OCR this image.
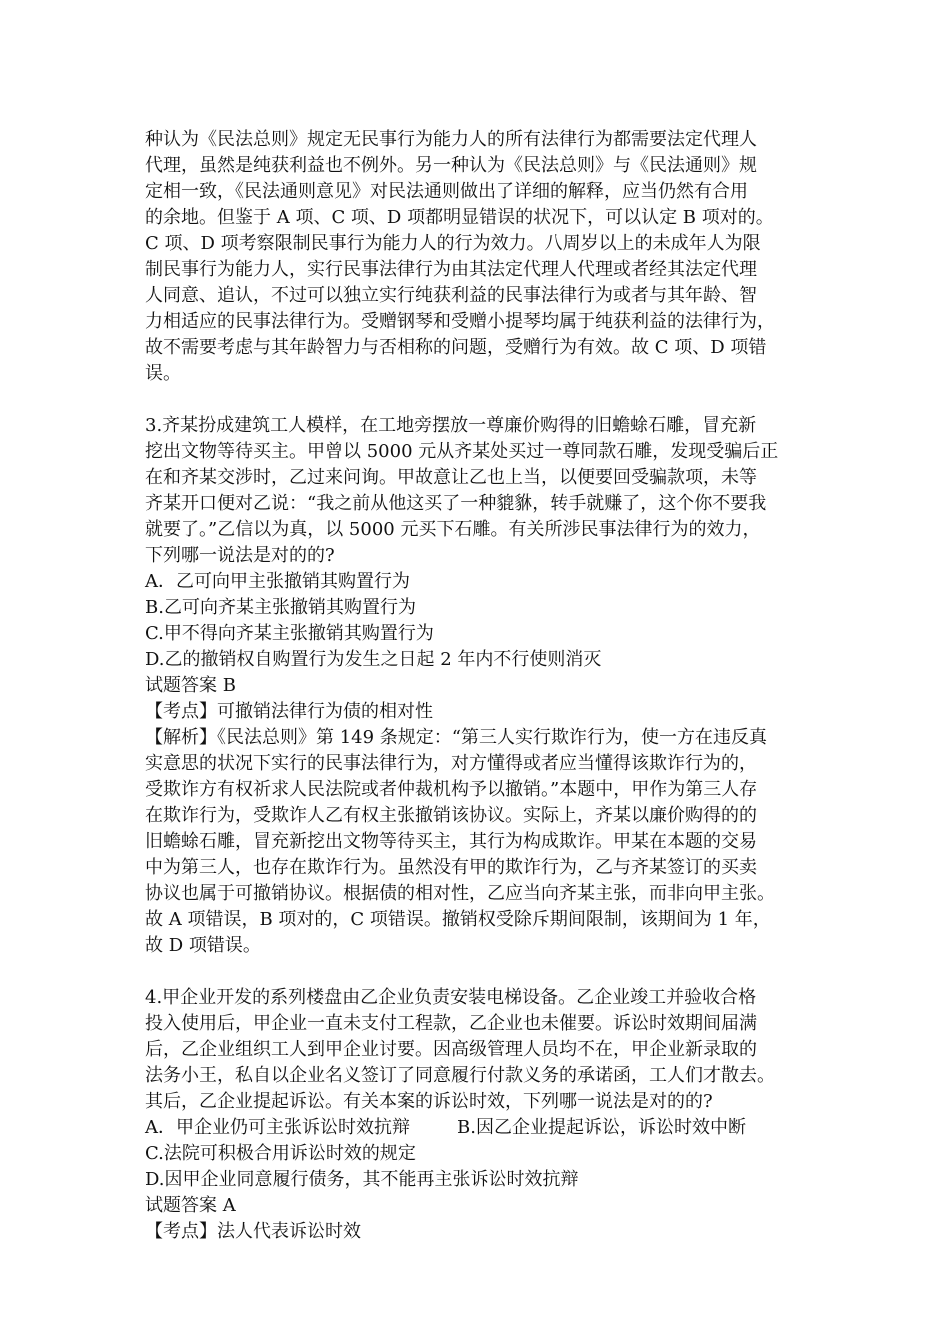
种认为《民法总则》规定无民事行为能力人的所有法律行为都需要法定代理人
代理，虽然是纯获利益也不例外。另一种认为《民法总则》与《民法通则》规
定相一致，《民法通则意见》对民法通则做出了详细的解释，应当仍然有合用
的余地。但鉴于 A 项、C 项、D 项都明显错误的状况下，可以认定 B 项对的。
C 项、D 项考察限制民事行为能力人的行为效力。八周岁以上的未成年人为限
制民事行为能力人，实行民事法律行为由其法定代理人代理或者经其法定代理
人同意、追认，不过可以独立实行纯获利益的民事法律行为或者与其年龄、智
力相适应的民事法律行为。受赠钢琴和受赠小提琴均属于纯获利益的法律行为，
故不需要考虑与其年龄智力与否相称的问题，受赠行为有效。故 C 项、D 项错
误。
3.齐某扮成建筑工人模样，在工地旁摆放一尊廉价购得的旧蟾蜍石雕，冒充新
挖出文物等待买主。甲曾以 5000 元从齐某处买过一尊同款石雕，发现受骗后正
在和齐某交涉时，乙过来问询。甲故意让乙也上当，以便要回受骗款项，未等
齐某开口便对乙说：“我之前从他这买了一种貔貅，转手就赚了，这个你不要我
就要了。”乙信以为真，以 5000 元买下石雕。有关所涉民事法律行为的效力，
下列哪一说法是对的的?
A．乙可向甲主张撤销其购置行为
B.乙可向齐某主张撤销其购置行为
C.甲不得向齐某主张撤销其购置行为
D.乙的撤销权自购置行为发生之日起 2 年内不行使则消灭
试题答案 B
【考点】可撤销法律行为债的相对性
【解析】《民法总则》第 149 条规定：“第三人实行欺诈行为，使一方在违反真
实意思的状况下实行的民事法律行为，对方懂得或者应当懂得该欺诈行为的，
受欺诈方有权祈求人民法院或者仲裁机构予以撤销。”本题中，甲作为第三人存
在欺诈行为，受欺诈人乙有权主张撤销该协议。实际上，齐某以廉价购得的的
旧蟾蜍石雕，冒充新挖出文物等待买主，其行为构成欺诈。甲某在本题的交易
中为第三人，也存在欺诈行为。虽然没有甲的欺诈行为，乙与齐某签订的买卖
协议也属于可撤销协议。根据债的相对性，乙应当向齐某主张，而非向甲主张。
故 A 项错误，B 项对的，C 项错误。撤销权受除斥期间限制，该期间为 1 年，
故 D 项错误。
4.甲企业开发的系列楼盘由乙企业负责安装电梯设备。乙企业竣工并验收合格
投入使用后，甲企业一直未支付工程款，乙企业也未催要。诉讼时效期间届满
后，乙企业组织工人到甲企业讨要。因高级管理人员均不在，甲企业新录取的
法务小王，私自以企业名义签订了同意履行付款义务的承诺函，工人们才散去。
其后，乙企业提起诉讼。有关本案的诉讼时效，下列哪一说法是对的的?
A．甲企业仍可主张诉讼时效抗辩	B.因乙企业提起诉讼，诉讼时效中断
C.法院可积极合用诉讼时效的规定
D.因甲企业同意履行债务，其不能再主张诉讼时效抗辩
试题答案 A
【考点】法人代表诉讼时效
